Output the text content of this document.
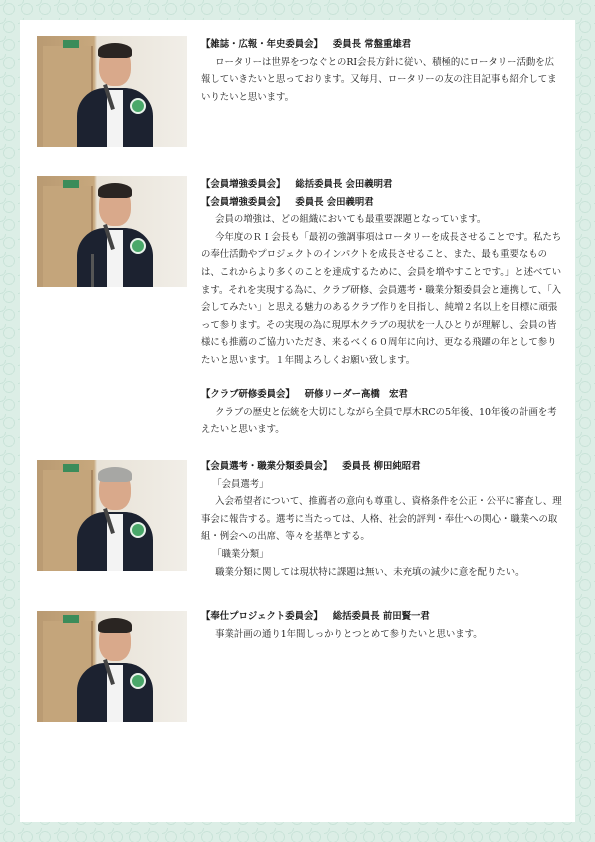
【雑誌・広報・年史委員会】 委員長 常盤重雄君

ロータリーは世界をつなぐとのRI会長方針に従い、積極的にロータリー活動を広報していきたいと思っております。又毎月、ロータリーの友の注目記事も紹介してまいりたいと思います。

【会員増強委員会】 総括委員長 会田義明君
【会員増強委員会】 委員長 会田義明君

会員の増強は、どの組織においても最重要課題となっています。

今年度のＲＩ会長も「最初の強調事項はロータリーを成長させることです。私たちの奉仕活動やプロジェクトのインパクトを成長させること、また、最も重要なものは、これからより多くのことを達成するために、会員を増やすことです。」と述べています。それを実現する為に、クラブ研修、会員選考・職業分類委員会と連携して、「入会してみたい」と思える魅力のあるクラブ作りを目指し、純増２名以上を目標に頑張って参ります。その実現の為に現厚木クラブの現状を一人ひとりが理解し、会員の皆様にも推薦のご協力いただき、来るべく６０周年に向け、更なる飛躍の年として参りたいと思います。１年間よろしくお願い致します。

【クラブ研修委員会】 研修リーダー高橋　宏君

クラブの歴史と伝統を大切にしながら全員で厚木RCの5年後、10年後の計画を考えたいと思います。

【会員選考・職業分類委員会】 委員長 柳田純昭君

「会員選考」

入会希望者について、推薦者の意向も尊重し、資格条件を公正・公平に審査し、理事会に報告する。選考に当たっては、人格、社会的評判・奉仕への関心・職業への取組・例会への出席、等々を基準とする。

「職業分類」

職業分類に関しては現状特に課題は無い、未充填の減少に意を配りたい。

【奉仕プロジェクト委員会】 総括委員長 前田賢一君

事業計画の通り1年間しっかりとつとめて参りたいと思います。
